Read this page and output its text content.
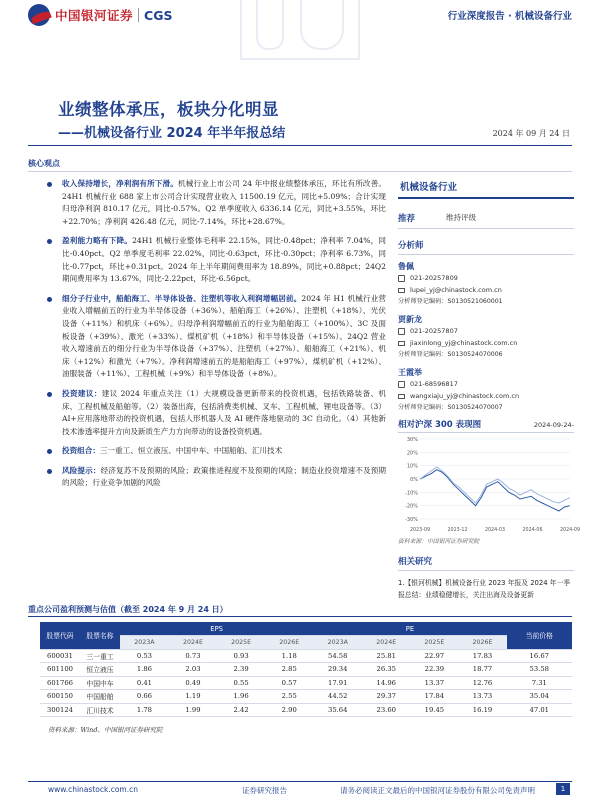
中国银河证券 CGS	行业深度报告 · 机械设备行业
业绩整体承压，板块分化明显
——机械设备行业 2024 年半年报总结	2024 年 09 月 24 日
核心观点
收入保持增长，净利润有所下滑。机械行业上市公司 24 年中报业绩整体承压，环比有所改善。24H1 机械行业 688 家上市公司合计实现营业收入 11500.19 亿元，同比+5.09%；合计实现归母净利润 810.17 亿元，同比-0.57%。Q2 单季度收入 6336.14 亿元，同比+3.55%，环比+22.70%；净利润 426.48 亿元，同比-7.14%，环比+28.67%。
盈利能力略有下降。24H1 机械行业整体毛利率 22.15%，同比-0.48pct；净利率 7.04%，同比-0.40pct。Q2 单季度毛利率 22.02%，同比-0.63pct，环比-0.30pct；净利率 6.73%，同比-0.77pct，环比+0.31pct。2024 年上半年期间费用率为 18.89%，同比+0.88pct；24Q2 期间费用率为 13.67%，同比-2.22pct，环比-6.56pct。
细分子行业中，船舶海工、半导体设备、注塑机等收入利润增幅居前。2024 年 H1 机械行业营业收入增幅前五的行业为半导体设备（+36%）、船舶海工（+26%）、注塑机（+18%）、光伏设备（+11%）和机床（+6%）。归母净利润增幅前五的行业为船舶海工（+100%）、3C 及面板设备（+39%）、激光（+33%）、煤机矿机（+18%）和半导体设备（+15%）。24Q2 营业收入增速前五的细分行业为半导体设备（+37%）、注塑机（+27%）、船舶海工（+21%）、机床（+12%）和激光（+7%）。净利润增速前五的是船舶海工（+97%）、煤机矿机（+12%）、油服装备（+11%）、工程机械（+9%）和半导体设备（+8%）。
投资建议：建议 2024 年重点关注（1）大规模设备更新带来的投资机遇，包括铁路装备、机床、工程机械及船舶等。（2）装备出海，包括消费类机械、叉车、工程机械、锂电设备等。（3）AI+应用落地带动的投资机遇，包括人形机器人及 AI 硬件落地驱动的 3C 自动化。（4）其他新技术渗透率提升方向及新质生产力方向带动的设备投资机遇。
投资组合：三一重工、恒立液压、中国中车、中国船舶、汇川技术
风险提示：经济复苏不及预期的风险；政策推进程度不及预期的风险；制造业投资增速不及预期的风险；行业竞争加剧的风险
机械设备行业
推荐	维持评级
分析师
鲁佩
021-20257809
lupei_yj@chinastock.com.cn
分析师登记编码：S0130521060001
贾新龙
021-20257807
jiaxinlong_yj@chinastock.com.cn
分析师登记编码：S0130524070006
王霞举
021-68596817
wangxiaju_yj@chinastock.com.cn
分析师登记编码：S0130524070007
相对沪深 300 表现图	2024-09-24-
30%
20%
10%
0%
-10%
-20%
-30%
2023-09	2023-12	2024-03	2024-06	2024-09
资料来源：中国银河证券研究院
相关研究
1.【银河机械】机械设备行业 2023 年报及 2024 年一季报总结：业绩稳健增长，关注出海及设备更新
重点公司盈利预测与估值（截至 2024 年 9 月 24 日）
股票代码	股票名称	EPS				PE				当前价格
		2023A	2024E	2025E	2026E	2023A	2024E	2025E	2026E	
600031	三一重工	0.53	0.73	0.93	1.18	54.58	25.81	22.97	17.83	16.67
601100	恒立液压	1.86	2.03	2.39	2.85	29.34	26.35	22.39	18.77	53.58
601766	中国中车	0.41	0.49	0.55	0.57	17.91	14.96	13.37	12.76	7.31
600150	中国船舶	0.66	1.19	1.96	2.55	44.52	29.37	17.84	13.73	35.04
300124	汇川技术	1.78	1.99	2.42	2.90	35.64	23.60	19.45	16.19	47.01
资料来源：Wind、中国银河证券研究院
www.chinastock.com.cn	证券研究报告	请务必阅读正文最后的中国银河证券股份有限公司免责声明	1
